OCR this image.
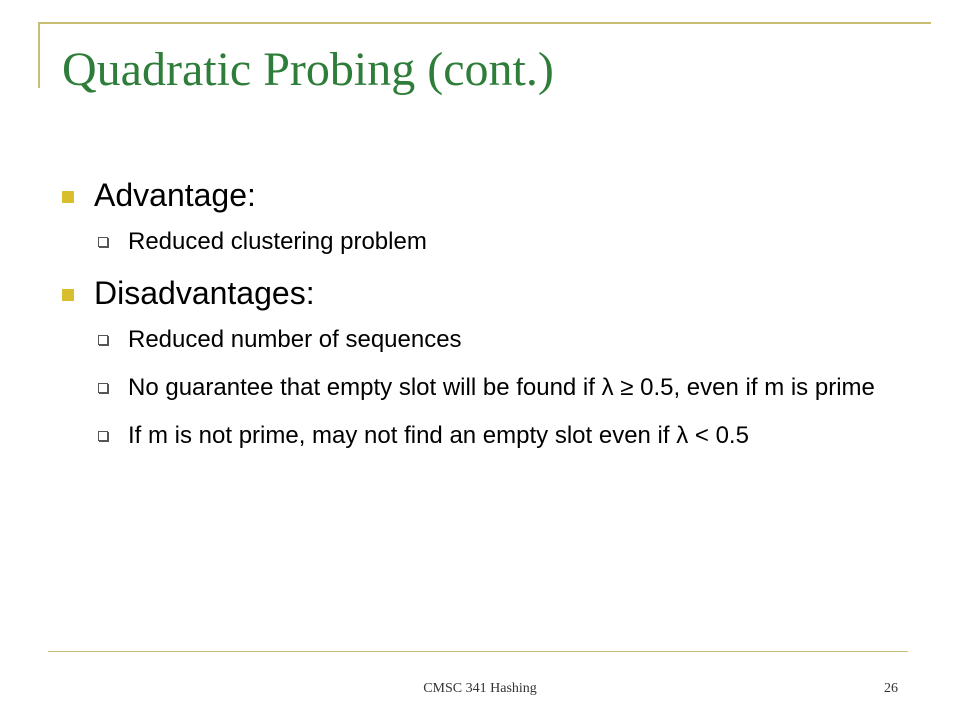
Quadratic Probing (cont.)
Advantage:
Reduced clustering problem
Disadvantages:
Reduced number of sequences
No guarantee that empty slot will be found if λ ≥ 0.5, even if m is prime
If m is not prime, may not find an empty slot even if λ < 0.5
CMSC 341 Hashing	26
